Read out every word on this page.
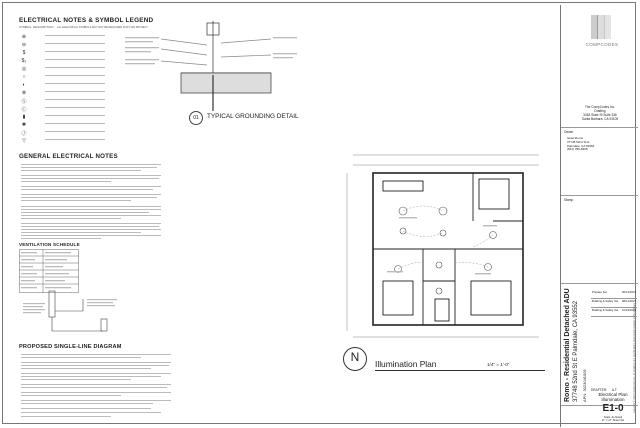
ELECTRICAL NOTES & SYMBOL LEGEND
SYMBOL DESCRIPTION ALL ELECTRICAL SYMBOLS MAY NOT BE REQUIRED FOR THIS PROJECT
⊕
⊖
$
$₃
◎
○
◐
⊗
Ⓢ
Ⓒ
▮
✱
Ⓙ
▽
01	TYPICAL GROUNDING DETAIL
GENERAL ELECTRICAL NOTES
VENTILATION SCHEDULE
PROPOSED SINGLE-LINE DIAGRAM
N	Illumination Plan	1/4" = 1'-0"
COMPCODES
The CompCodes Inc.
Drafting
3463 State St Suite 336
Santa Barbara, CA 93105
Owner
Israel Romo
37748 52nd St E
Palmdale, CA 93552
(661) 789-8268
Stamp
Romo - Residential Detached ADU 37748 52nd St E Palmdale, CA 93552 APN: 3023041005
Prepare Set	06/14/2023
Building & Safety Set 08/14/2023
Building & Safety Set 10/23/2023
DRAFTER: A.T.
Electrical Plan
Illumination
E1-0
Scale: As Noted
11" x 17" Sheet Set
Copyright © 2023 CompCodes Inc. All drawings and specifications shall remain property of the architect.
